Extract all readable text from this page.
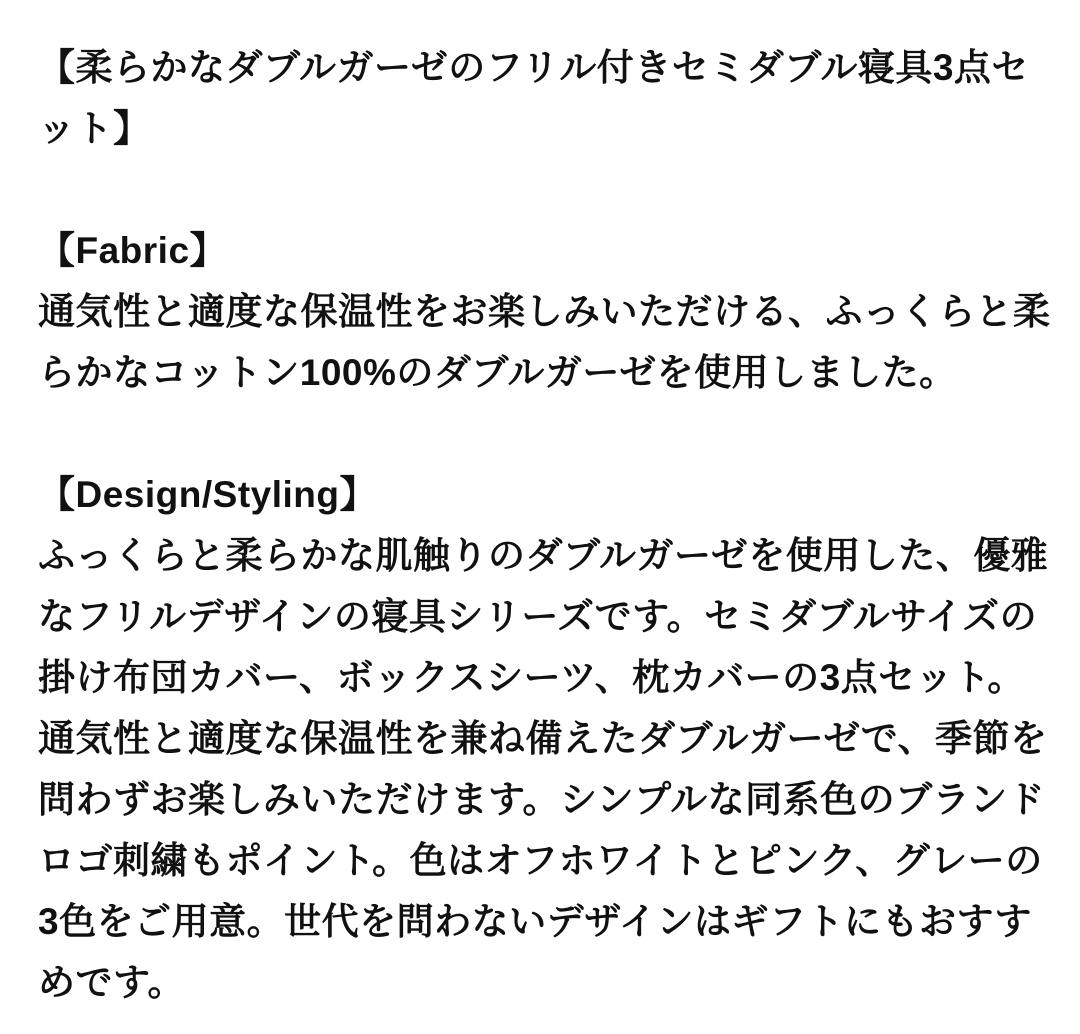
【柔らかなダブルガーゼのフリル付きセミダブル寝具3点セ
ット】
【Fabric】
通気性と適度な保温性をお楽しみいただける、ふっくらと柔
らかなコットン100%のダブルガーゼを使用しました。
【Design/Styling】
ふっくらと柔らかな肌触りのダブルガーゼを使用した、優雅
なフリルデザインの寝具シリーズです。セミダブルサイズの
掛け布団カバー、ボックスシーツ、枕カバーの3点セット。
通気性と適度な保温性を兼ね備えたダブルガーゼで、季節を
問わずお楽しみいただけます。シンプルな同系色のブランド
ロゴ刺繍もポイント。色はオフホワイトとピンク、グレーの
3色をご用意。世代を問わないデザインはギフトにもおすす
めです。
